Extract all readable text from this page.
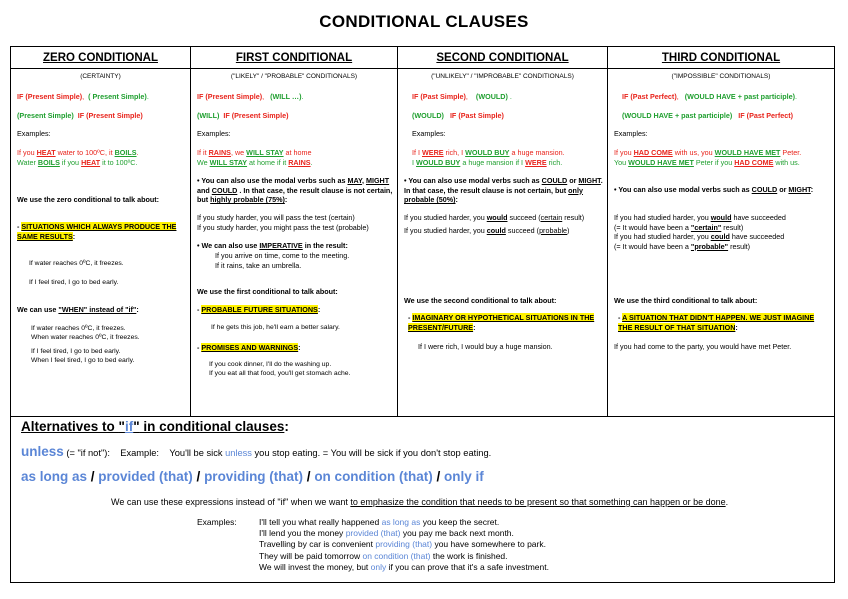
CONDITIONAL CLAUSES
ZERO CONDITIONAL
(CERTAINTY)
IF (Present Simple), ( Present Simple).
(Present Simple) IF (Present Simple)
Examples:
If you HEAT water to 100ºC, it BOILS.
Water BOILS if you HEAT it to 100ºC.
We use the zero conditional to talk about:
- SITUATIONS WHICH ALWAYS PRODUCE THE SAME RESULTS:
If water reaches 0ºC, it freezes.
If I feel tired, I go to bed early.
We can use "WHEN" instead of "if":
If water reaches 0ºC, it freezes.
When water reaches 0ºC, it freezes.
If I feel tired, I go to bed early.
When I feel tired, I go to bed early.
FIRST CONDITIONAL
("LIKELY" / "PROBABLE" CONDITIONALS)
IF (Present Simple), (WILL …).
(WILL) IF (Present Simple)
Examples:
If it RAINS, we WILL STAY at home
We WILL STAY at home if it RAINS.
• You can also use the modal verbs such as MAY, MIGHT and COULD . In that case, the result clause is not certain, but highly probable (75%):
If you study harder, you will pass the test (certain)
If you study harder, you might pass the test (probable)
• We can also use IMPERATIVE in the result:
If you arrive on time, come to the meeting.
If it rains, take an umbrella.
We use the first conditional to talk about:
- PROBABLE FUTURE SITUATIONS:
If he gets this job, he'll earn a better salary.
- PROMISES AND WARNINGS:
If you cook dinner, I'll do the washing up.
If you eat all that food, you'll get stomach ache.
SECOND CONDITIONAL
("UNLIKELY" / "IMPROBABLE" CONDITIONALS)
IF (Past Simple), (WOULD) .
(WOULD) IF (Past Simple)
Examples:
If I WERE rich, I WOULD BUY a huge mansion.
I WOULD BUY a huge mansion if I WERE rich.
• You can also use modal verbs such as COULD or MIGHT. In that case, the result clause is not certain, but only probable (50%):
If you studied harder, you would succeed (certain result)
If you studied harder, you could succeed (probable)
We use the second conditional to talk about:
- IMAGINARY OR HYPOTHETICAL SITUATIONS IN THE PRESENT/FUTURE:
If I were rich, I would buy a huge mansion.
THIRD CONDITIONAL
("IMPOSSIBLE" CONDITIONALS)
IF (Past Perfect), (WOULD HAVE + past participle).
(WOULD HAVE + past participle) IF (Past Perfect)
Examples:
If you HAD COME with us, you WOULD HAVE MET Peter.
You WOULD HAVE MET Peter if you HAD COME with us.
• You can also use modal verbs such as COULD or MIGHT:
If you had studied harder, you would have succeeded
(= It would have been a "certain" result)
If you had studied harder, you could have succeeded
(= It would have been a "probable" result)
We use the third conditional to talk about:
- A SITUATION THAT DIDN'T HAPPEN. WE JUST IMAGINE THE RESULT OF THAT SITUATION:
If you had come to the party, you would have met Peter.
Alternatives to "if" in conditional clauses:
unless (= "if not"): Example: You'll be sick unless you stop eating. = You will be sick if you don't stop eating.
as long as / provided (that) / providing (that) / on condition (that) / only if
We can use these expressions instead of "if" when we want to emphasize the condition that needs to be present so that something can happen or be done.
Examples:	I'll tell you what really happened as long as you keep the secret.
I'll lend you the money provided (that) you pay me back next month.
Travelling by car is convenient providing (that) you have somewhere to park.
They will be paid tomorrow on condition (that) the work is finished.
We will invest the money, but only if you can prove that it's a safe investment.
